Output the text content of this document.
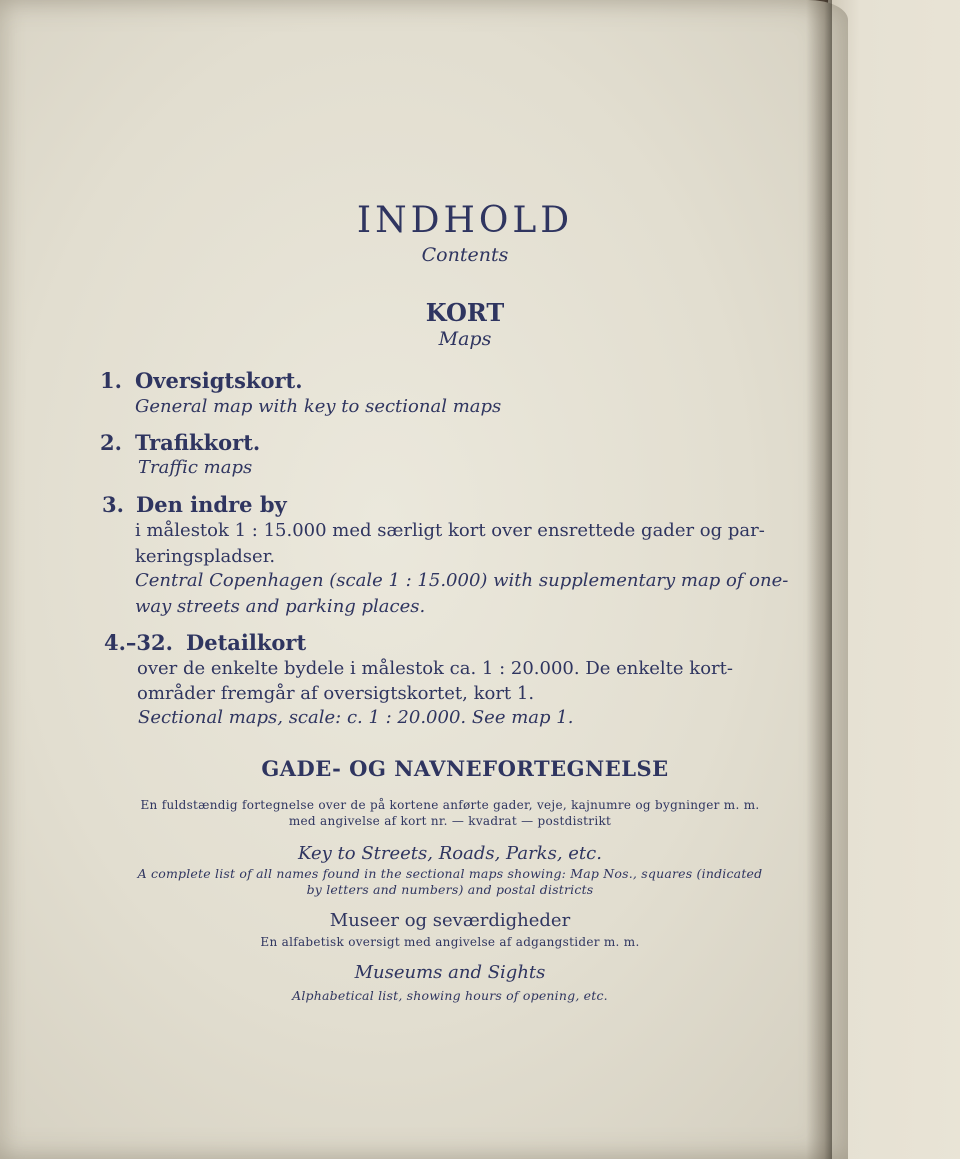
INDHOLD

Contents

KORT

Maps

1. Oversigtskort.
General map with key to sectional maps
2. Trafikkort.
Traffic maps
3. Den indre by
i målestok 1 : 15.000 med særligt kort over ensrettede gader og par-
keringspladser.
Central Copenhagen (scale 1 : 15.000) with supplementary map of one-
way streets and parking places.
4.–32. Detailkort
over de enkelte bydele i målestok ca. 1 : 20.000. De enkelte kort-
områder fremgår af oversigtskortet, kort 1.
Sectional maps, scale: c. 1 : 20.000. See map 1.
GADE- OG NAVNEFORTEGNELSE

En fuldstændig fortegnelse over de på kortene anførte gader, veje, kajnumre og bygninger m. m.

med angivelse af kort nr. — kvadrat — postdistrikt

Key to Streets, Roads, Parks, etc.

A complete list of all names found in the sectional maps showing: Map Nos., squares (indicated

by letters and numbers) and postal districts

Museer og seværdigheder

En alfabetisk oversigt med angivelse af adgangstider m. m.

Museums and Sights

Alphabetical list, showing hours of opening, etc.
